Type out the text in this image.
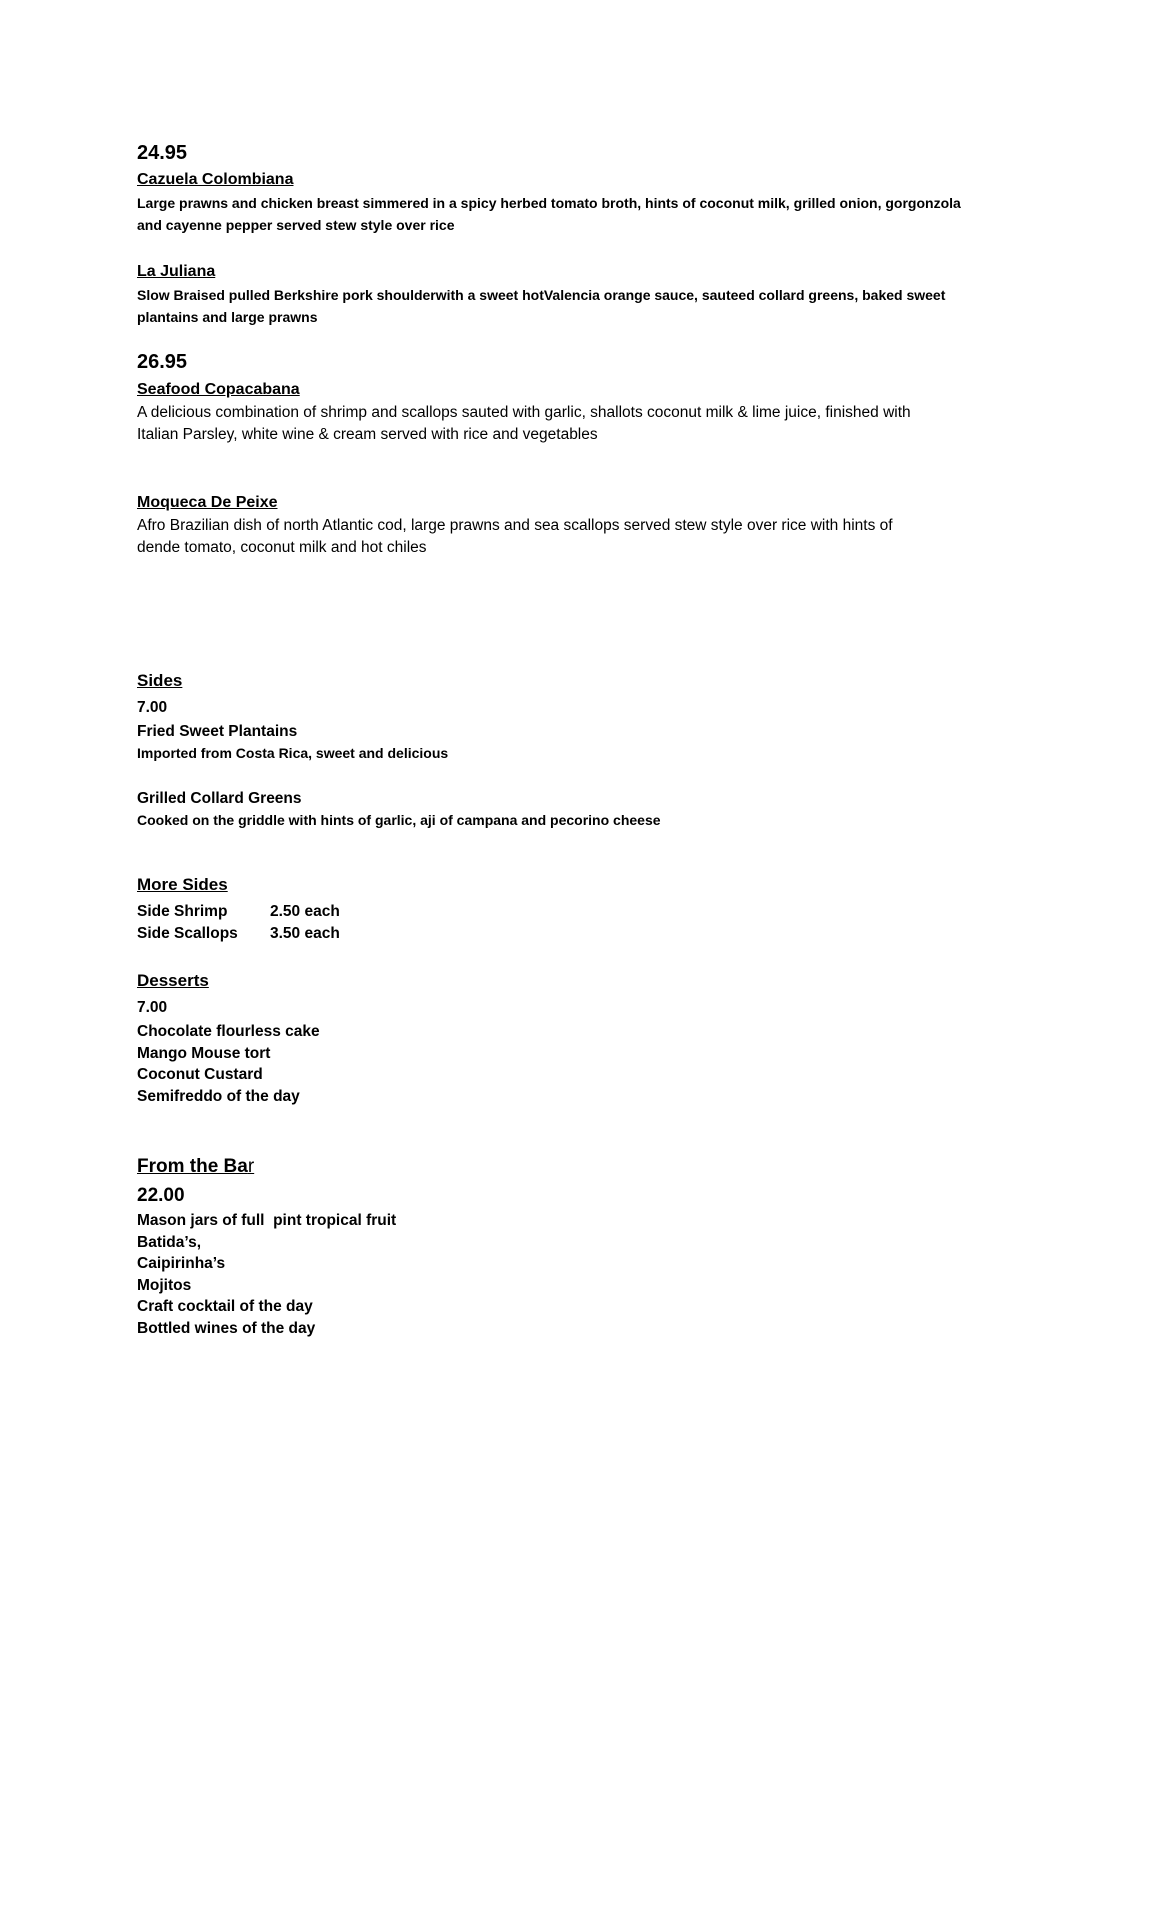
24.95
Cazuela Colombiana
Large prawns and chicken breast simmered in a spicy herbed tomato broth, hints of coconut milk, grilled onion, gorgonzola and cayenne pepper served stew style over rice
La Juliana
Slow Braised pulled Berkshire pork shoulderwith a sweet hotValencia orange sauce, sauteed collard greens, baked sweet plantains and large prawns
26.95
Seafood Copacabana
A delicious combination of shrimp and scallops sauted with garlic, shallots coconut milk & lime juice, finished with Italian Parsley, white wine & cream served with rice and vegetables
Moqueca De Peixe
Afro Brazilian dish of north Atlantic cod, large prawns and sea scallops served stew style over rice with hints of dende tomato, coconut milk and hot chiles
Sides
7.00
Fried Sweet Plantains
Imported from Costa Rica, sweet and delicious
Grilled Collard Greens
Cooked on the griddle with hints of garlic, aji of campana and pecorino cheese
More Sides
Side Shrimp	2.50 each
Side Scallops 3.50 each
Desserts
7.00
Chocolate flourless cake
Mango Mouse tort
Coconut Custard
Semifreddo of the day
From the Bar
22.00
Mason jars of full  pint tropical fruit
Batida’s,
Caipirinha’s
Mojitos
Craft cocktail of the day
Bottled wines of the day
